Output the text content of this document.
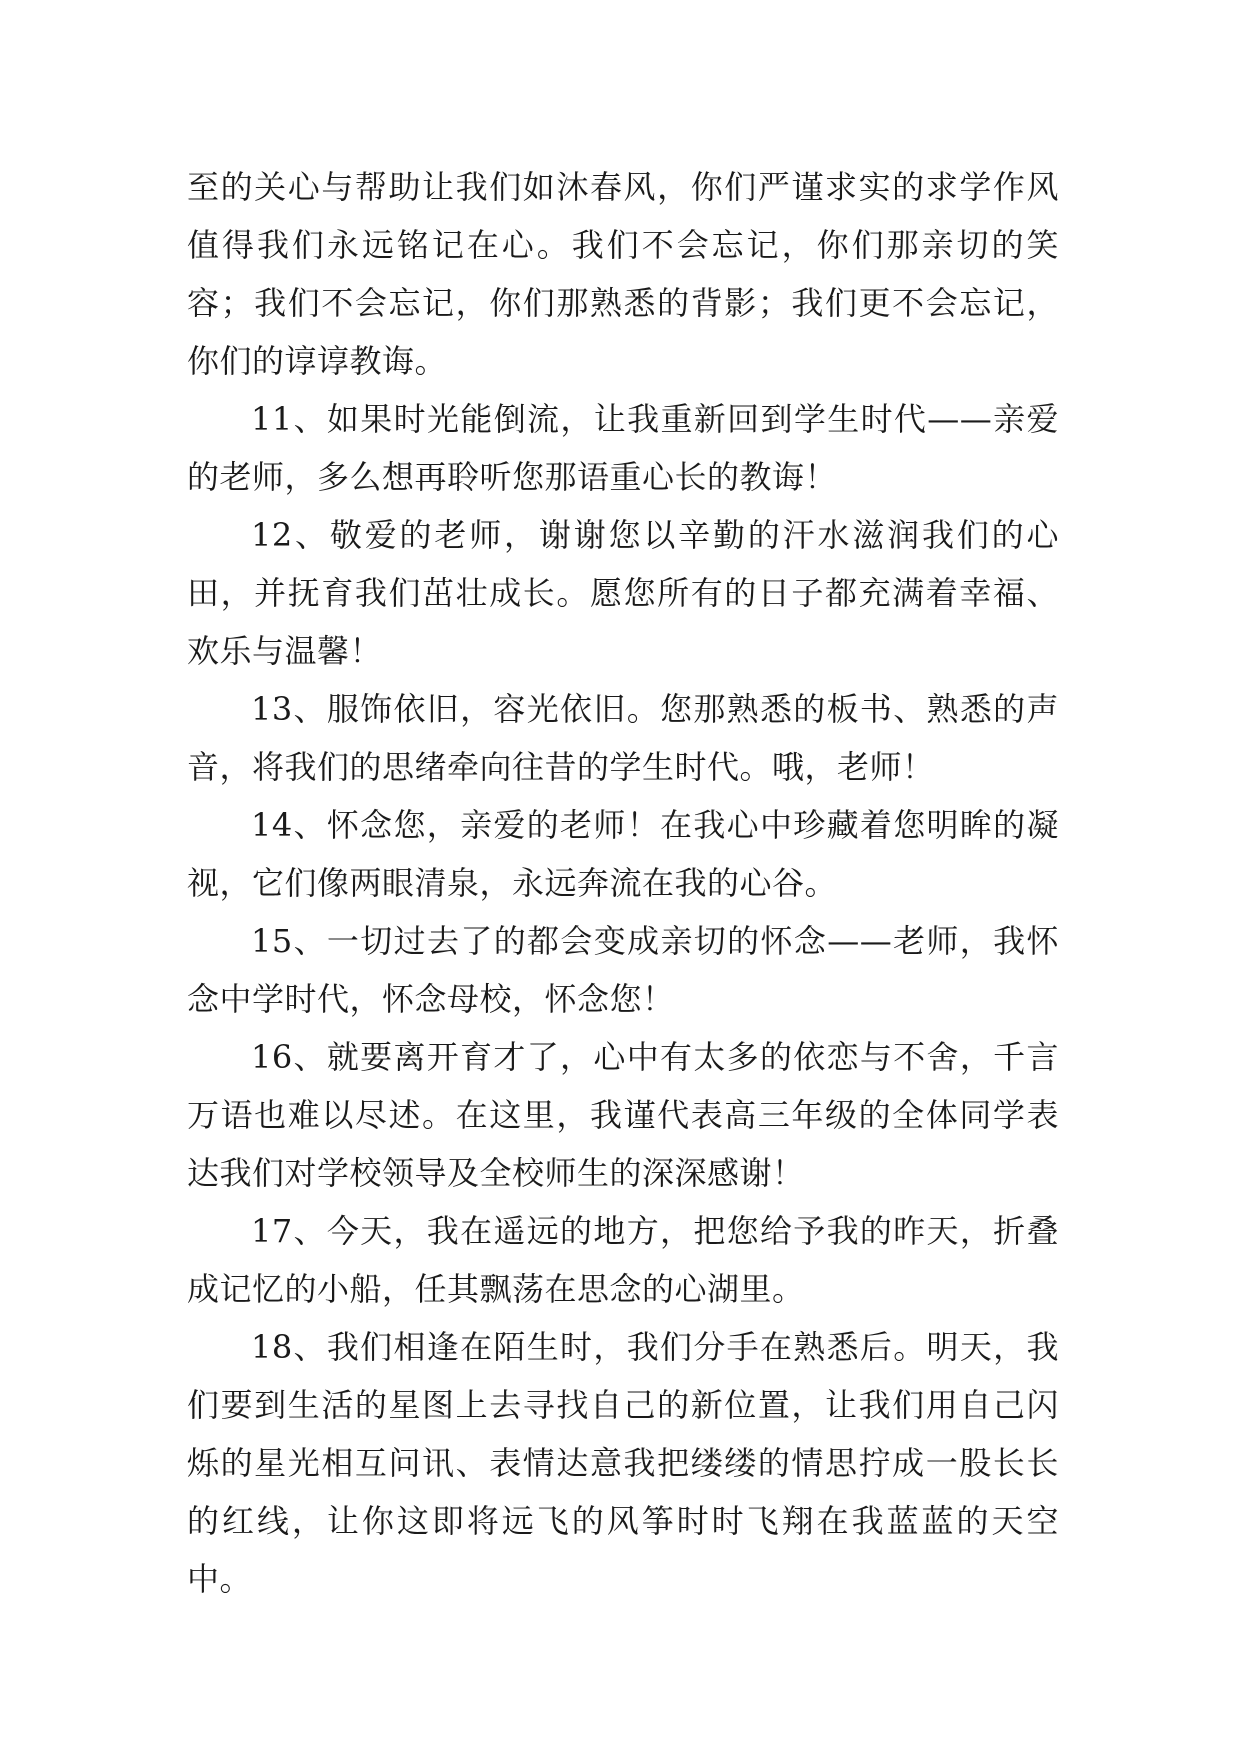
至的关心与帮助让我们如沐春风，你们严谨求实的求学作风值得我们永远铭记在心。我们不会忘记，你们那亲切的笑容；我们不会忘记，你们那熟悉的背影；我们更不会忘记，你们的谆谆教诲。

11、如果时光能倒流，让我重新回到学生时代——亲爱的老师，多么想再聆听您那语重心长的教诲！

12、敬爱的老师，谢谢您以辛勤的汗水滋润我们的心田，并抚育我们茁壮成长。愿您所有的日子都充满着幸福、欢乐与温馨！

13、服饰依旧，容光依旧。您那熟悉的板书、熟悉的声音，将我们的思绪牵向往昔的学生时代。哦，老师！

14、怀念您，亲爱的老师！在我心中珍藏着您明眸的凝视，它们像两眼清泉，永远奔流在我的心谷。

15、一切过去了的都会变成亲切的怀念——老师，我怀念中学时代，怀念母校，怀念您！

16、就要离开育才了，心中有太多的依恋与不舍，千言万语也难以尽述。在这里，我谨代表高三年级的全体同学表达我们对学校领导及全校师生的深深感谢！

17、今天，我在遥远的地方，把您给予我的昨天，折叠成记忆的小船，任其飘荡在思念的心湖里。

18、我们相逢在陌生时，我们分手在熟悉后。明天，我们要到生活的星图上去寻找自己的新位置，让我们用自己闪烁的星光相互问讯、表情达意我把缕缕的情思拧成一股长长的红线，让你这即将远飞的风筝时时飞翔在我蓝蓝的天空中。
